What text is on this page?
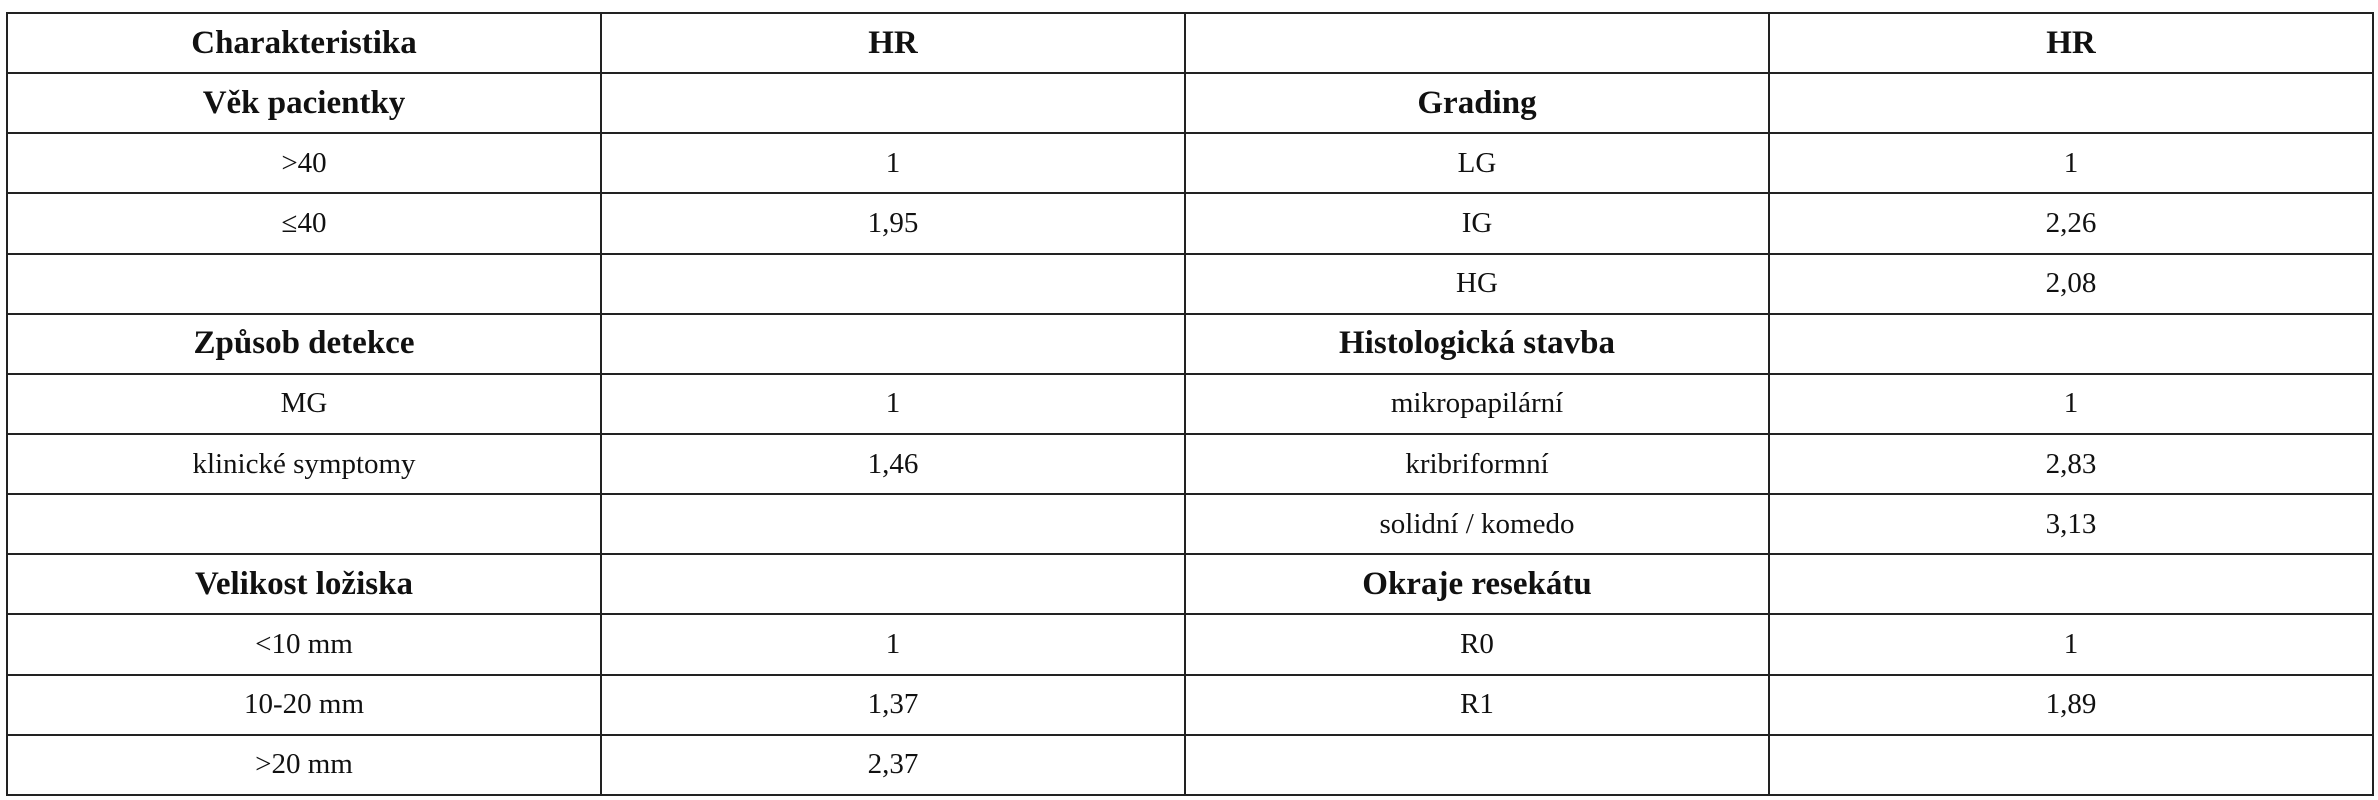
Charakteristika	HR		HR
Věk pacientky		Grading	
>40	1	LG	1
≤40	1,95	IG	2,26
		HG	2,08
Způsob detekce		Histologická stavba	
MG	1	mikropapilární	1
klinické symptomy	1,46	kribriformní	2,83
		solidní / komedo	3,13
Velikost ložiska		Okraje resekátu	
<10 mm	1	R0	1
10-20 mm	1,37	R1	1,89
>20 mm	2,37		
